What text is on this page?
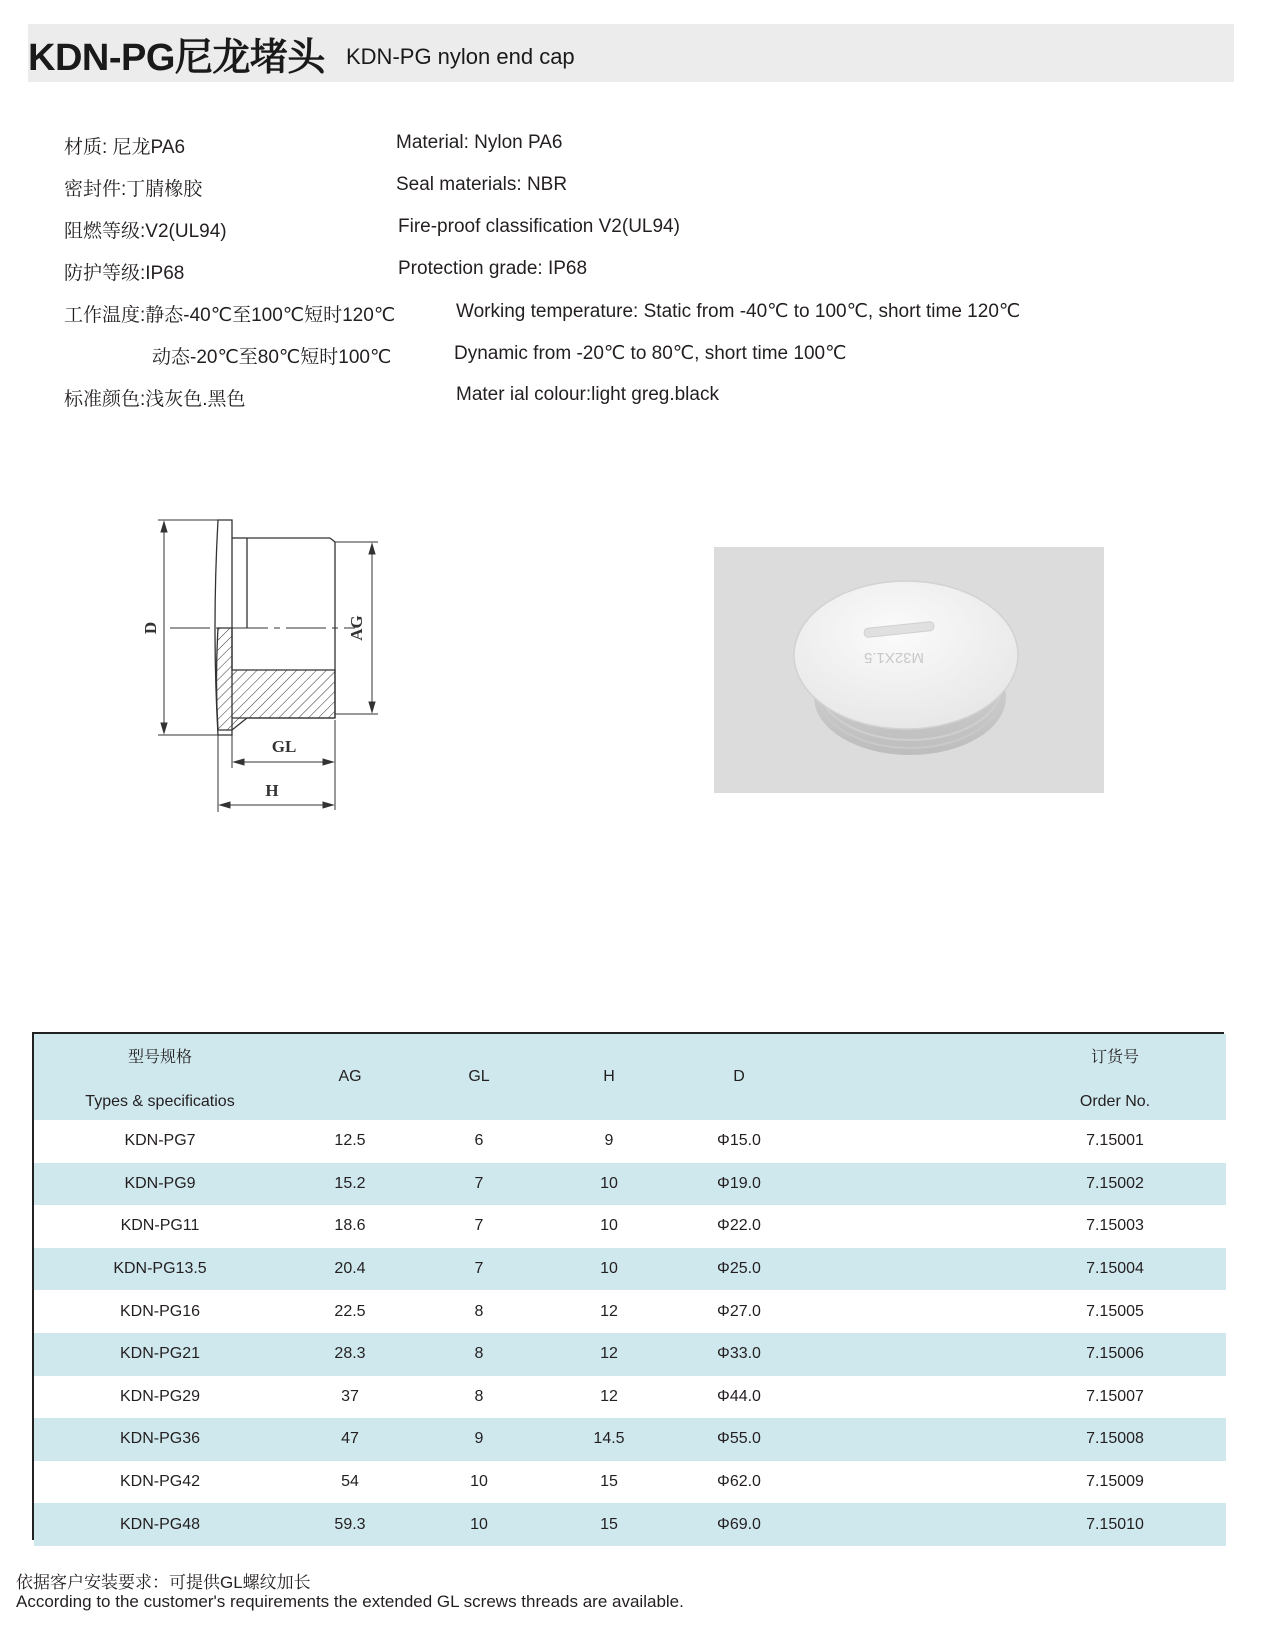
KDN-PG尼龙堵头 KDN-PG nylon end cap
材质: 尼龙PA6	Material: Nylon PA6
密封件:丁腈橡胶	Seal materials: NBR
阻燃等级:V2(UL94)	Fire-proof classification V2(UL94)
防护等级:IP68	Protection grade: IP68
工作温度:静态-40℃至100℃短时120℃	Working temperature: Static from -40℃ to 100℃, short time 120℃
动态-20℃至80℃短时100℃	Dynamic from -20℃ to 80℃, short time 100℃
标准颜色:浅灰色.黑色	Mater ial colour:light greg.black
D	AG
GL
H
M32X1.5
型号规格
Types & specificatios	AG	GL	H	D		订货号
Order No.

KDN-PG7	12.5	6	9	Φ15.0		7.15001
KDN-PG9	15.2	7	10	Φ19.0		7.15002
KDN-PG11	18.6	7	10	Φ22.0		7.15003
KDN-PG13.5	20.4	7	10	Φ25.0		7.15004
KDN-PG16	22.5	8	12	Φ27.0		7.15005
KDN-PG21	28.3	8	12	Φ33.0		7.15006
KDN-PG29	37	8	12	Φ44.0		7.15007
KDN-PG36	47	9	14.5	Φ55.0		7.15008
KDN-PG42	54	10	15	Φ62.0		7.15009
KDN-PG48	59.3	10	15	Φ69.0		7.15010
依据客户安装要求：可提供GL螺纹加长
According to the customer's requirements the extended GL screws threads are available.
